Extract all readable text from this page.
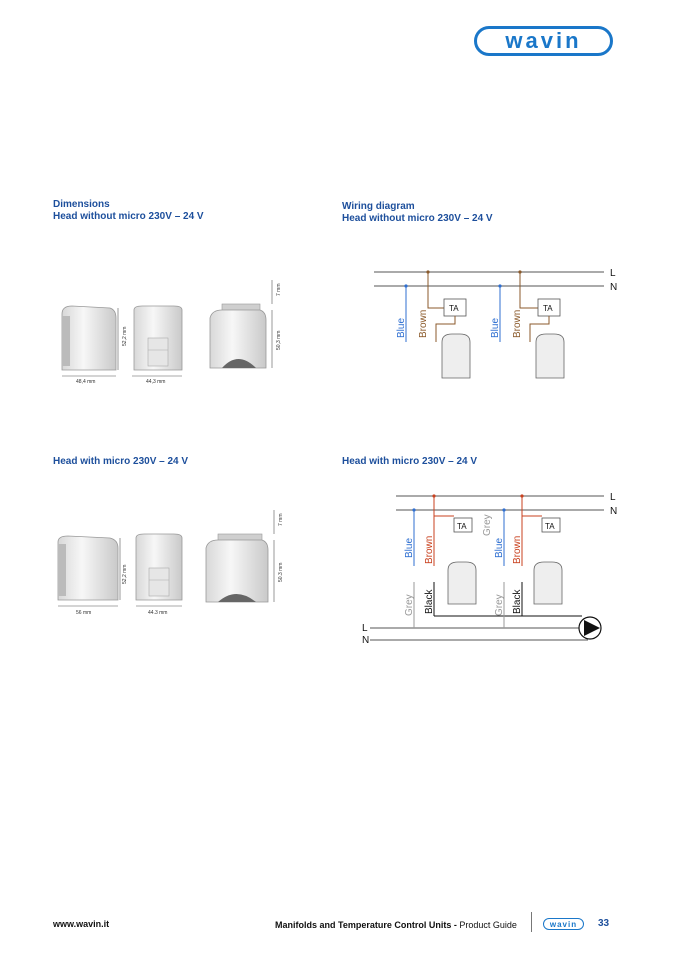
wavin
Dimensions
Head without micro 230V – 24 V
Wiring diagram
Head without micro 230V – 24 V
Head with micro 230V – 24 V	Head with micro 230V – 24 V
52,2 mm
48,4 mm	44,3 mm
7 mm
50,3 mm
52,2 mm
56 mm	44.3 mm
7 mm
50.3 mm
L
N
TA
Blue Brown
TA
Blue Brown
L
N
L
N
TA
Blue Brown
Grey Black
TA
Grey
Blue Brown
Grey Black
www.wavin.it	Manifolds and Temperature Control Units - Product Guide	wavin	33
